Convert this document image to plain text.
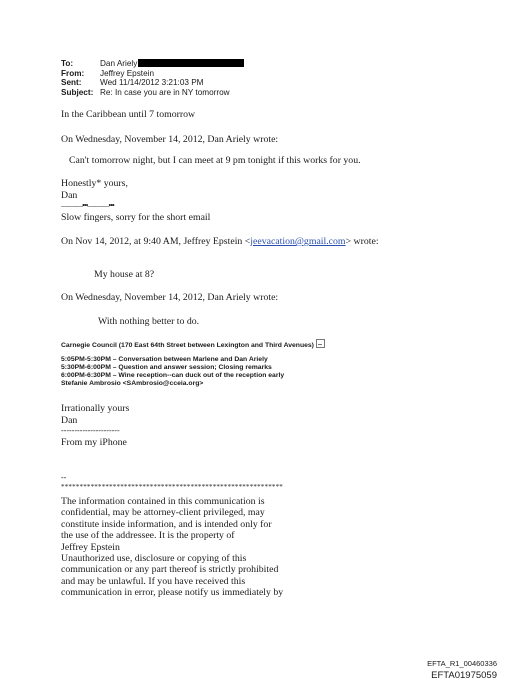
To:	Dan Ariely
From:	Jeffrey Epstein
Sent:	Wed 11/14/2012 3:21:03 PM
Subject: Re: In case you are in NY tomorrow
In the Caribbean until 7 tomorrow
On Wednesday, November 14, 2012, Dan Ariely wrote:
Can't tomorrow night, but I can meet at 9 pm tonight if this works for you.
Honestly* yours,
Dan
———•••———•••
Slow fingers, sorry for the short email
On Nov 14, 2012, at 9:40 AM, Jeffrey Epstein <jeevacation@gmail.com> wrote:
My house at 8?
On Wednesday, November 14, 2012, Dan Ariely wrote:
With nothing better to do.
Carnegie Council (170 East 64th Street between Lexington and Third Avenues)
5:05PM-5:30PM – Conversation between Marlene and Dan Ariely
5:30PM-6:00PM – Question and answer session; Closing remarks
6:00PM-6:30PM – Wine reception--can duck out of the reception early
Stefanie Ambrosio <SAmbrosio@cceia.org>
Irrationally yours
Dan
----------------------
From my iPhone
--
************************************************************
The information contained in this communication is
confidential, may be attorney-client privileged, may
constitute inside information, and is intended only for
the use of the addressee. It is the property of
Jeffrey Epstein
Unauthorized use, disclosure or copying of this
communication or any part thereof is strictly prohibited
and may be unlawful. If you have received this
communication in error, please notify us immediately by
EFTA_R1_00460336
EFTA01975059
